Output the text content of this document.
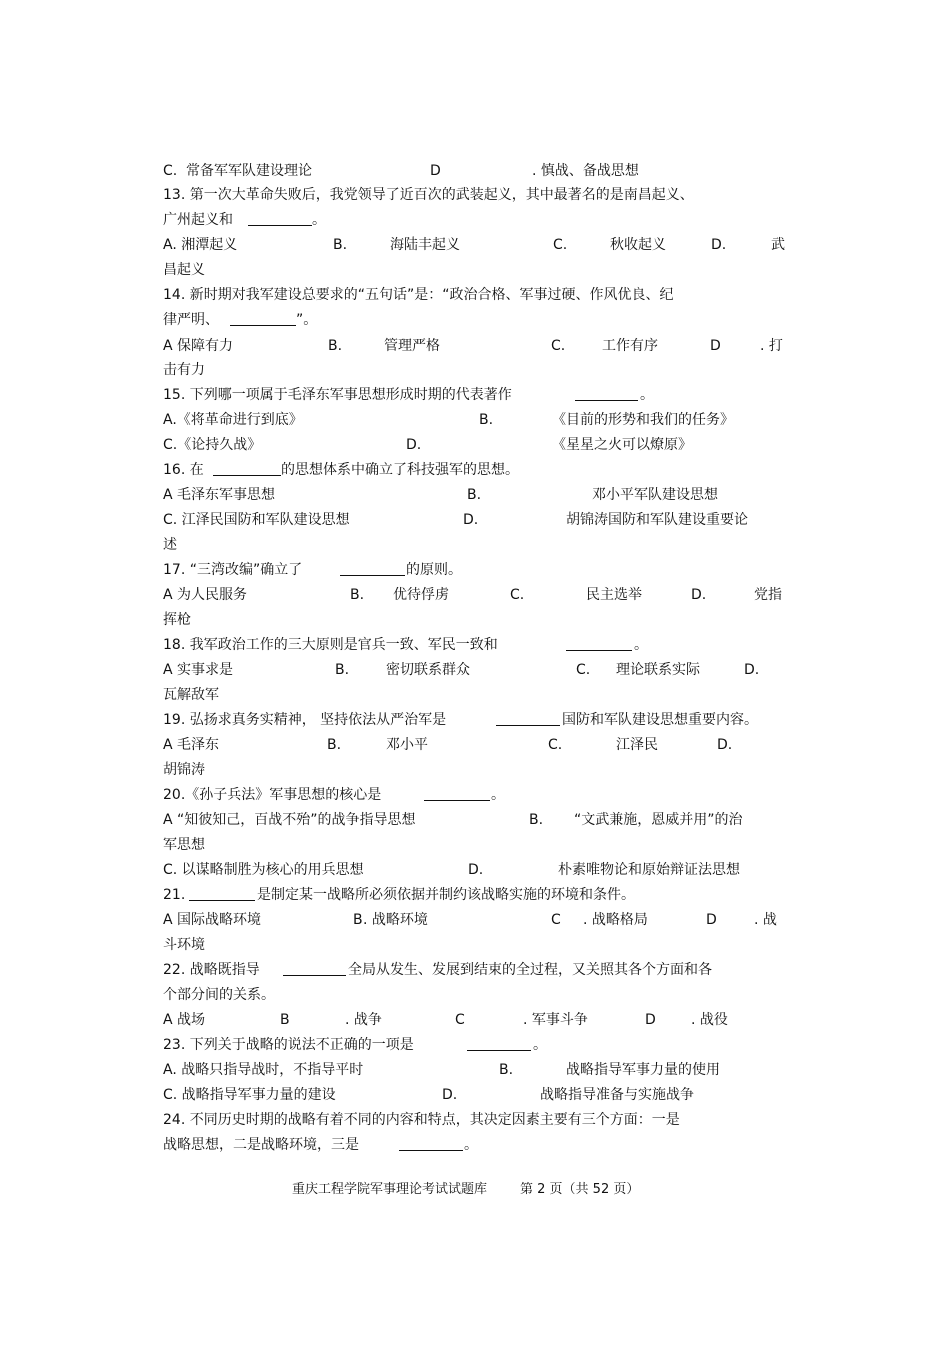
C. 常备军军队建设理论	D	. 慎战、备战思想
13. 第一次大革命失败后，我党领导了近百次的武装起义，其中最著名的是南昌起义、
广州起义和	。
A. 湘潭起义	B.	海陆丰起义	C.	秋收起义	D.	武
昌起义
14. 新时期对我军建设总要求的“五句话”是：“政治合格、军事过硬、作风优良、纪
律严明、	”。
A 保障有力	B.	管理严格	C.	工作有序	D	. 打
击有力
15. 下列哪一项属于毛泽东军事思想形成时期的代表著作	。
A.《将革命进行到底》	B.	《目前的形势和我们的任务》
C.《论持久战》	D.	《星星之火可以燎原》
16. 在	的思想体系中确立了科技强军的思想。
A 毛泽东军事思想	B.	邓小平军队建设思想
C. 江泽民国防和军队建设思想	D.	胡锦涛国防和军队建设重要论
述
17. “三湾改编”确立了	的原则。
A 为人民服务	B. 优待俘虏	C.	民主选举	D.	党指
挥枪
18. 我军政治工作的三大原则是官兵一致、军民一致和	。
A 实事求是	B.	密切联系群众	C. 理论联系实际	D.
瓦解敌军
19. 弘扬求真务实精神， 坚持依法从严治军是	国防和军队建设思想重要内容。
A 毛泽东	B.	邓小平	C.	江泽民	D.
胡锦涛
20.《孙子兵法》军事思想的核心是	。
A “知彼知己，百战不殆”的战争指导思想	B. “文武兼施，恩威并用”的治
军思想
C. 以谋略制胜为核心的用兵思想	D.	朴素唯物论和原始辩证法思想
21.	是制定某一战略所必须依据并制约该战略实施的环境和条件。
A 国际战略环境	B . 战略环境	C . 战略格局	D	. 战
斗环境
22. 战略既指导	全局从发生、发展到结束的全过程，又关照其各个方面和各
个部分间的关系。
A 战场	B	. 战争	C	. 军事斗争	D	. 战役
23. 下列关于战略的说法不正确的一项是	。
A. 战略只指导战时，不指导平时	B.	战略指导军事力量的使用
C. 战略指导军事力量的建设	D.	战略指导准备与实施战争
24. 不同历史时期的战略有着不同的内容和特点，其决定因素主要有三个方面：一是
战略思想，二是战略环境，三是	。
重庆工程学院军事理论考试试题库	第 2 页（共 52 页）
